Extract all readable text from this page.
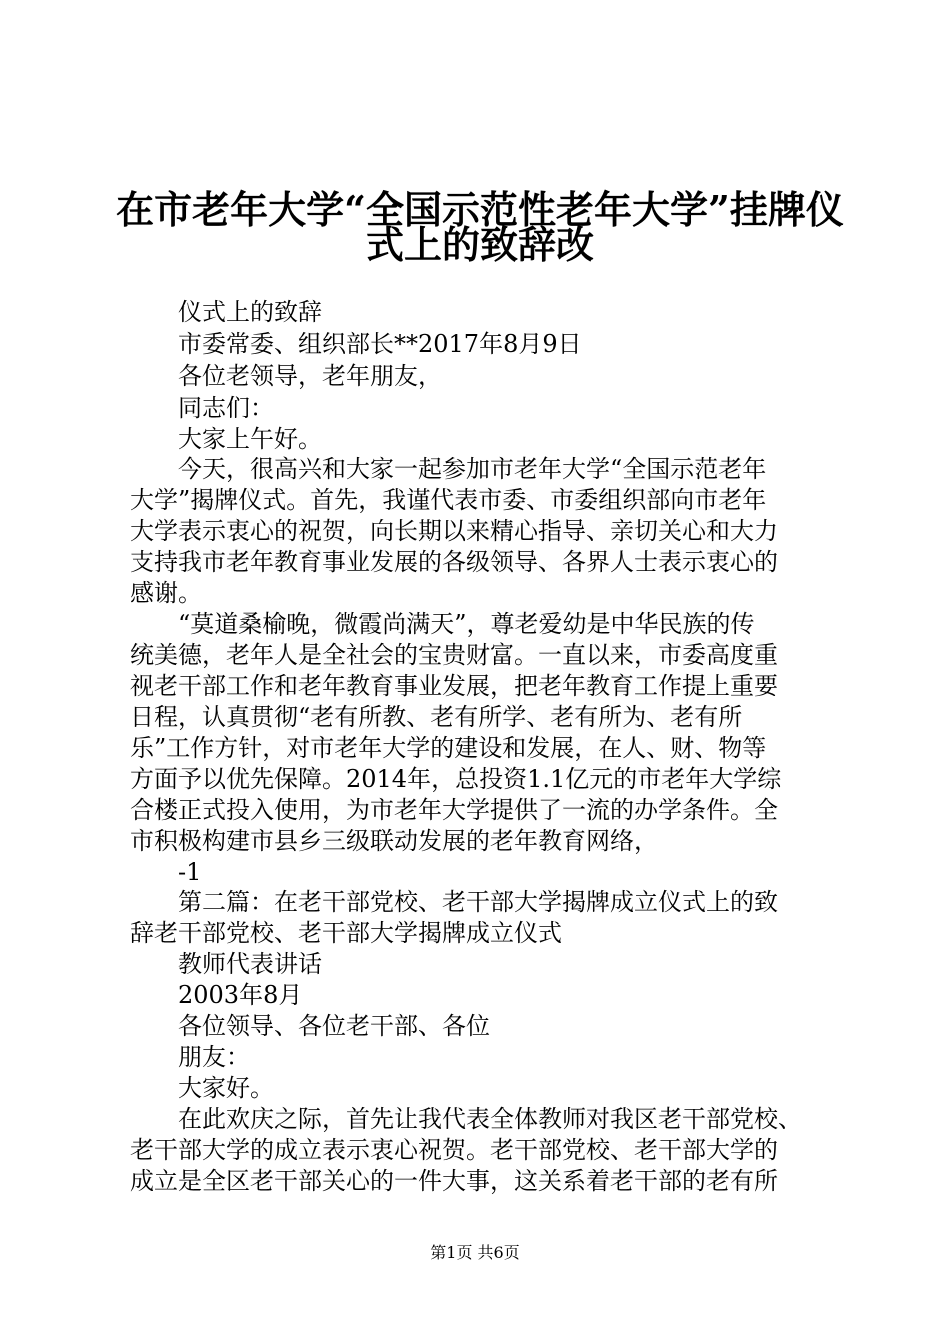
在市老年大学“全国示范性老年大学”挂牌仪
式上的致辞改
仪式上的致辞
市委常委、组织部长**2017年8月9日
各位老领导，老年朋友，
同志们：
大家上午好。
今天，很高兴和大家一起参加市老年大学“全国示范老年
大学”揭牌仪式。首先，我谨代表市委、市委组织部向市老年
大学表示衷心的祝贺，向长期以来精心指导、亲切关心和大力
支持我市老年教育事业发展的各级领导、各界人士表示衷心的
感谢。
“莫道桑榆晚，微霞尚满天”，尊老爱幼是中华民族的传
统美德，老年人是全社会的宝贵财富。一直以来，市委高度重
视老干部工作和老年教育事业发展，把老年教育工作提上重要
日程，认真贯彻“老有所教、老有所学、老有所为、老有所
乐”工作方针，对市老年大学的建设和发展，在人、财、物等
方面予以优先保障。2014年，总投资1.1亿元的市老年大学综
合楼正式投入使用，为市老年大学提供了一流的办学条件。全
市积极构建市县乡三级联动发展的老年教育网络，
-1
第二篇：在老干部党校、老干部大学揭牌成立仪式上的致
辞老干部党校、老干部大学揭牌成立仪式
教师代表讲话
2003年8月
各位领导、各位老干部、各位
朋友：
大家好。
在此欢庆之际，首先让我代表全体教师对我区老干部党校、
老干部大学的成立表示衷心祝贺。老干部党校、老干部大学的
成立是全区老干部关心的一件大事，这关系着老干部的老有所
第1页 共6页
